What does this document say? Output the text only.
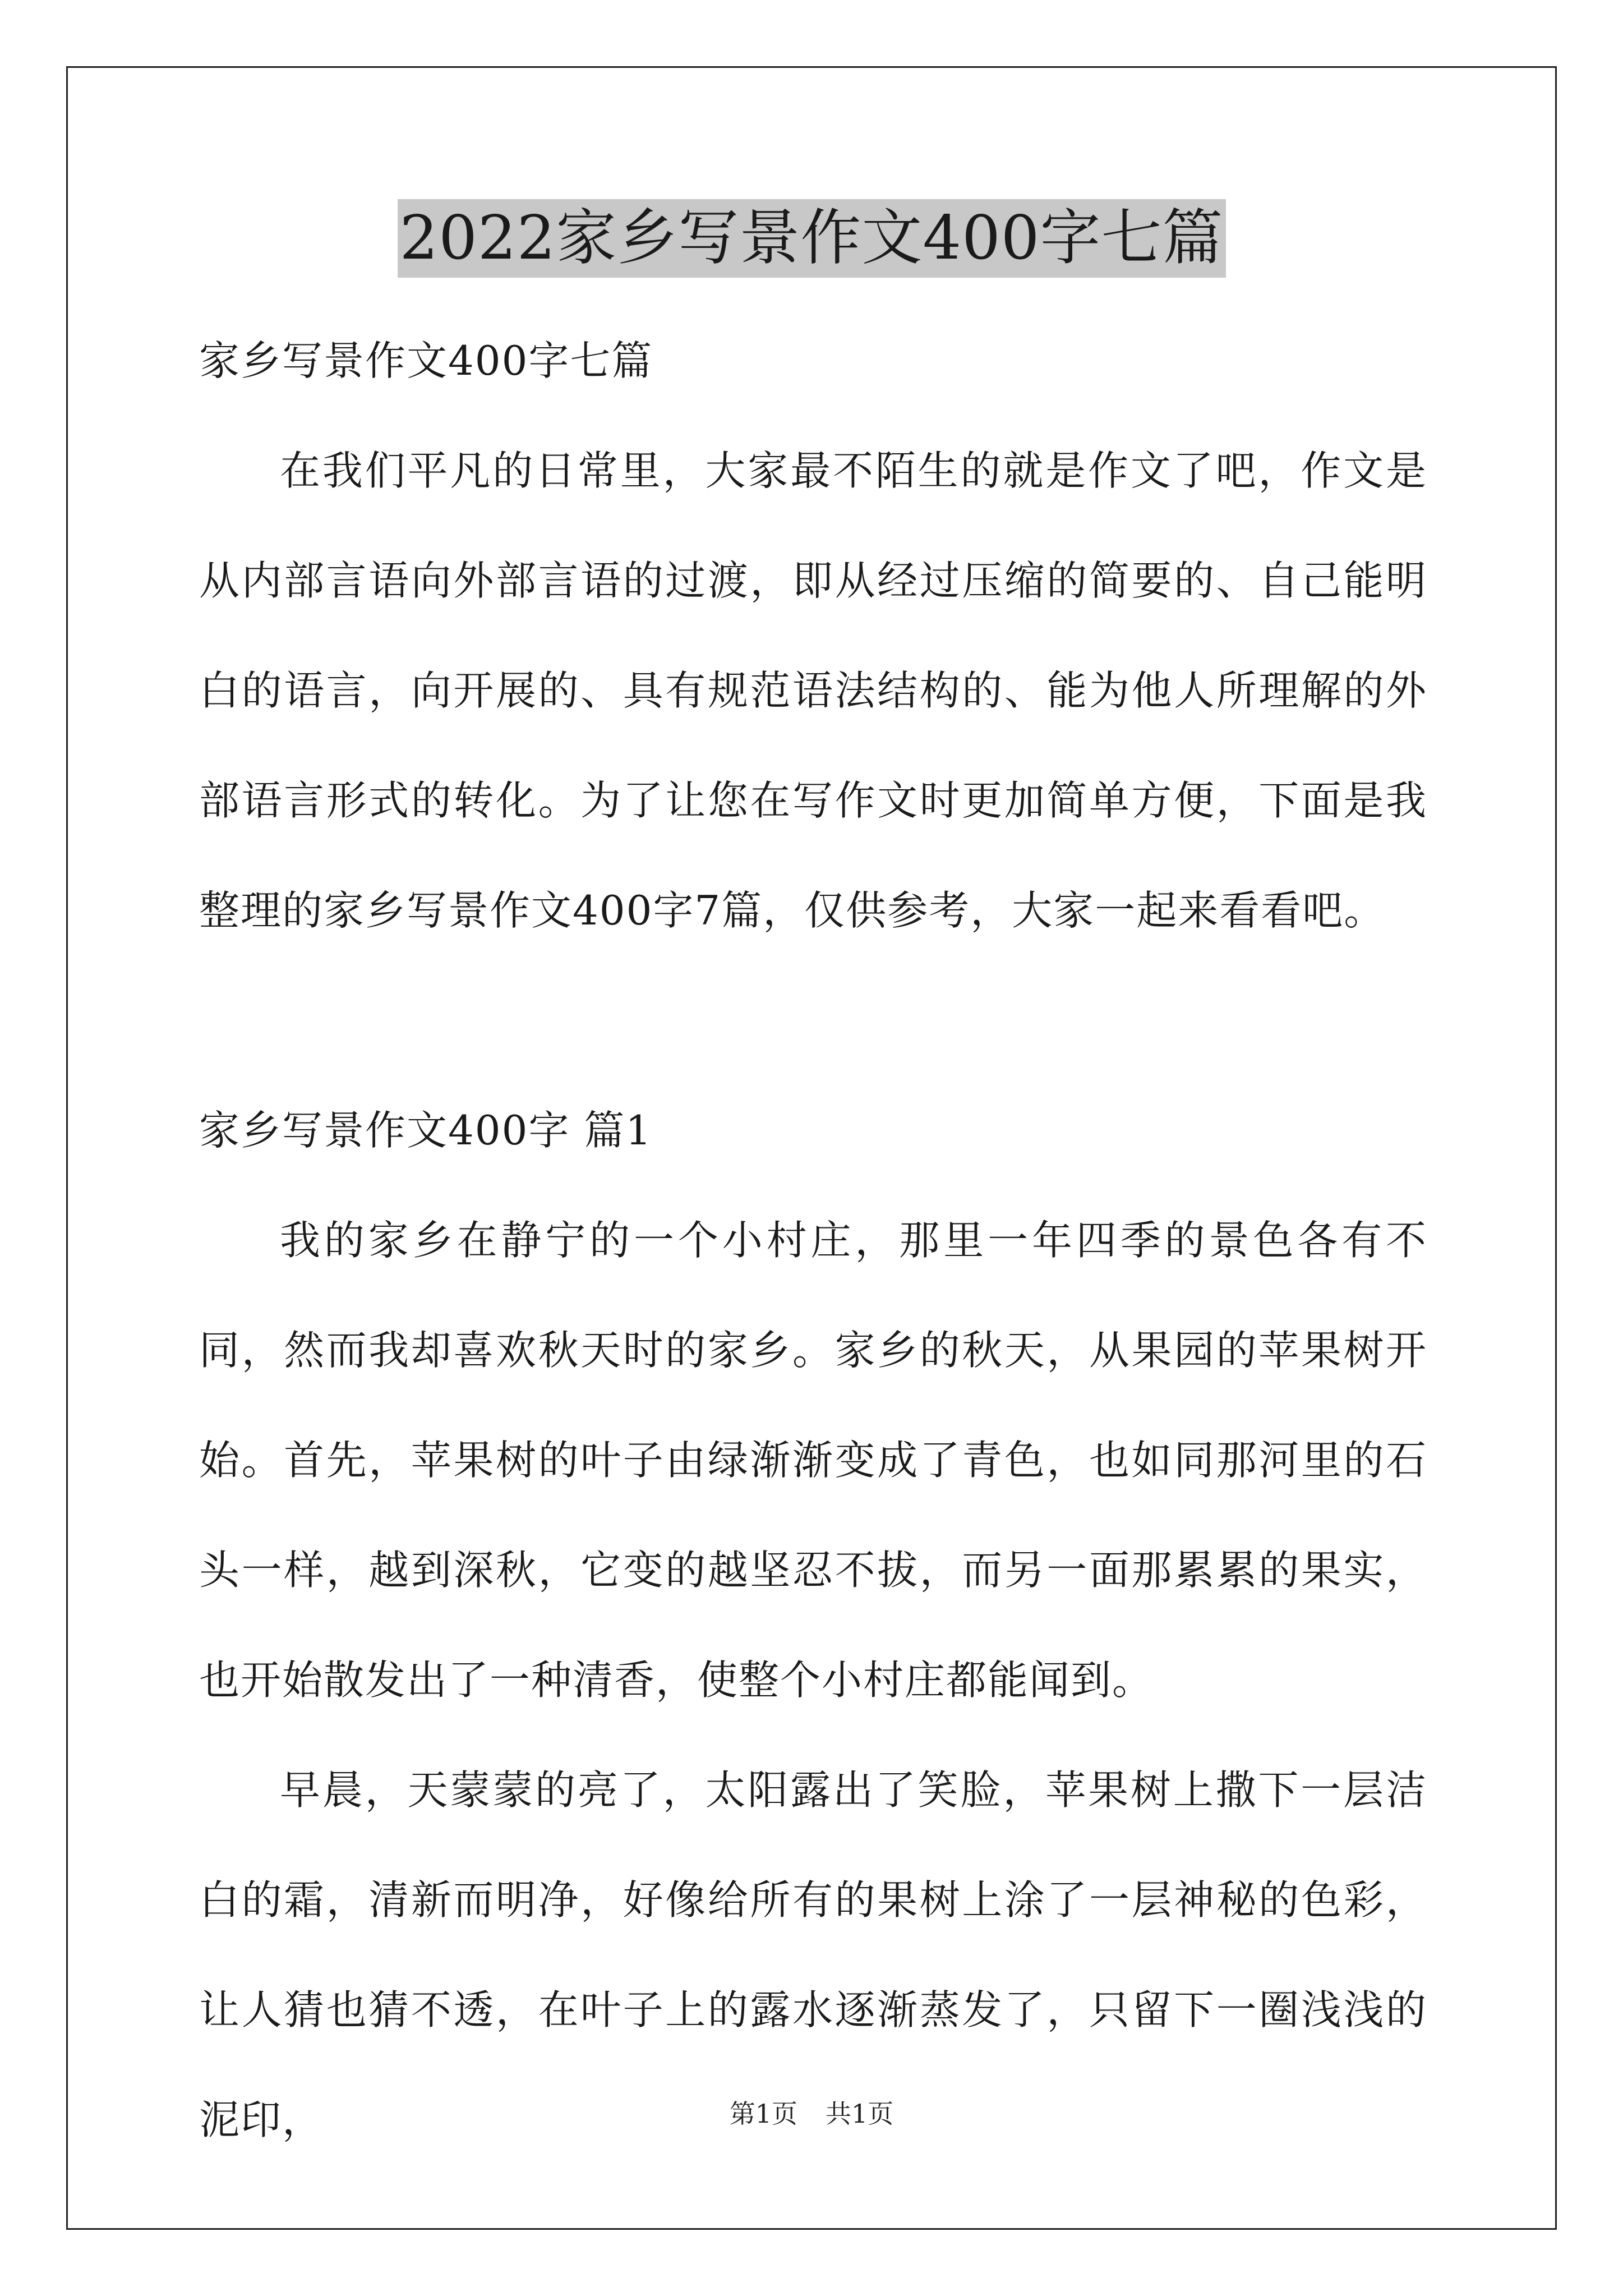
2022家乡写景作文400字七篇
家乡写景作文400字七篇

在我们平凡的日常里，大家最不陌生的就是作文了吧，作文是从内部言语向外部言语的过渡，即从经过压缩的简要的、自己能明白的语言，向开展的、具有规范语法结构的、能为他人所理解的外部语言形式的转化。为了让您在写作文时更加简单方便，下面是我整理的家乡写景作文400字7篇，仅供参考，大家一起来看看吧。

家乡写景作文400字 篇1

我的家乡在静宁的一个小村庄，那里一年四季的景色各有不同，然而我却喜欢秋天时的家乡。家乡的秋天，从果园的苹果树开始。首先，苹果树的叶子由绿渐渐变成了青色，也如同那河里的石头一样，越到深秋，它变的越坚忍不拔，而另一面那累累的果实，也开始散发出了一种清香，使整个小村庄都能闻到。

早晨，天蒙蒙的亮了，太阳露出了笑脸，苹果树上撒下一层洁白的霜，清新而明净，好像给所有的果树上涂了一层神秘的色彩，让人猜也猜不透，在叶子上的露水逐渐蒸发了，只留下一圈浅浅的泥印，	第1页 共1页
